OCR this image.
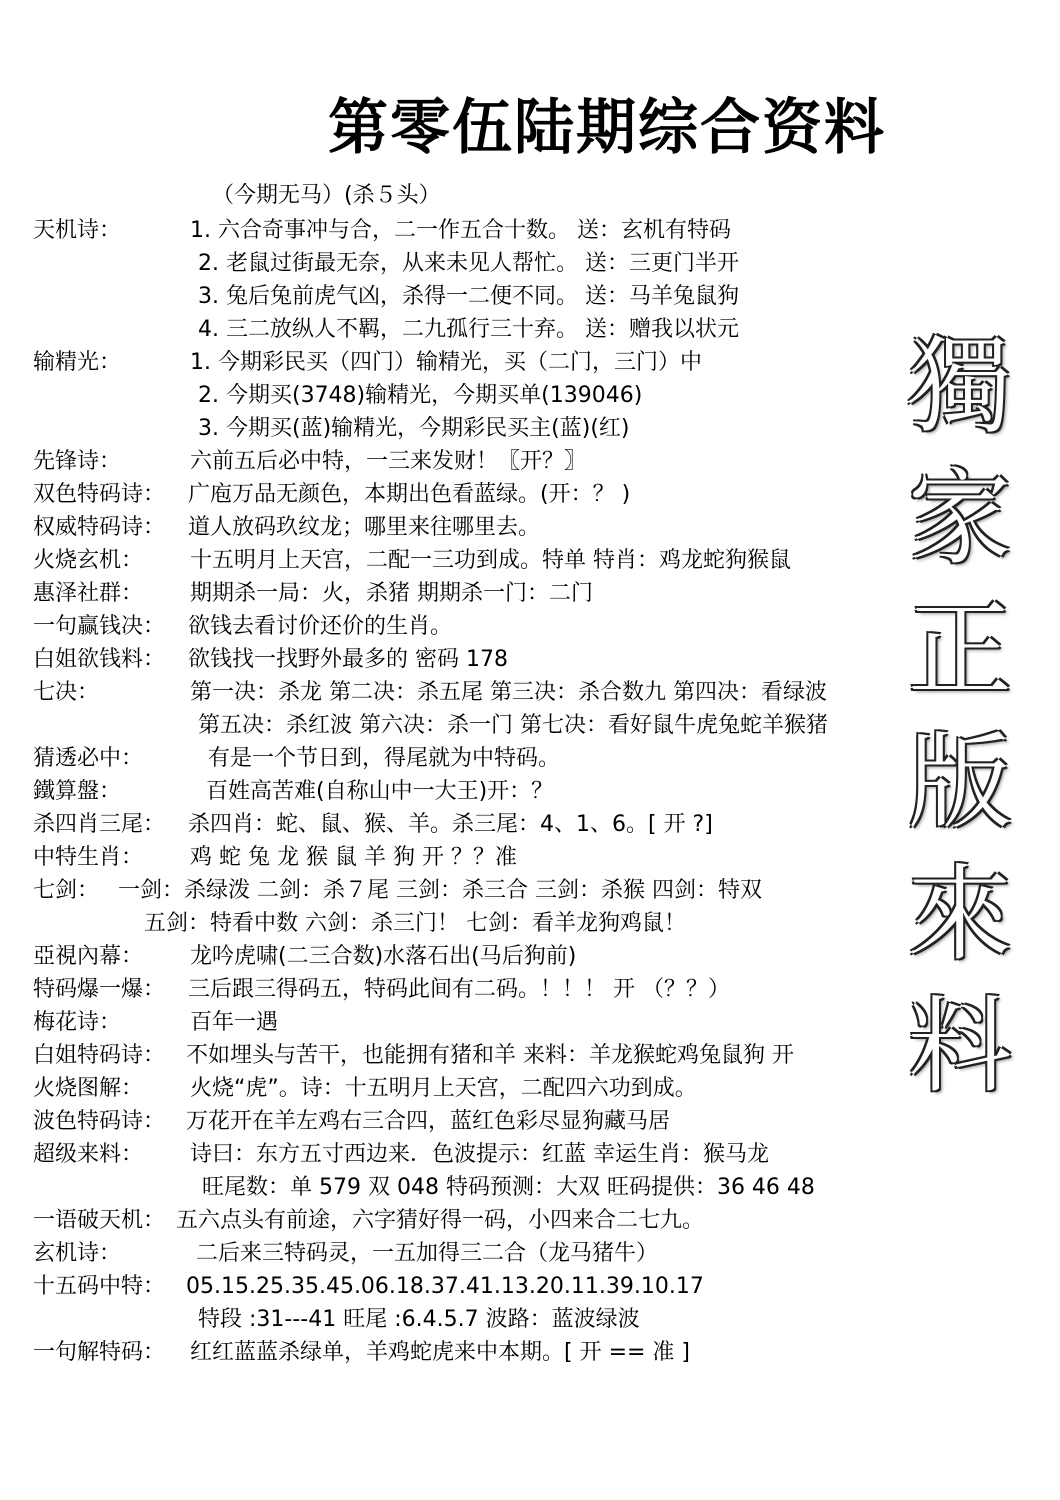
第零伍陆期综合资料
（今期无马）(杀５头）
天机诗：	1. 六合奇事冲与合，二一作五合十数。 送：玄机有特码
2. 老鼠过街最无奈，从来未见人帮忙。 送：三更门半开
3. 兔后兔前虎气凶，杀得一二便不同。 送：马羊兔鼠狗
4. 三二放纵人不羁，二九孤行三十弃。 送：赠我以状元
输精光：	1. 今期彩民买（四门）输精光，买（二门，三门）中
2. 今期买(3748)输精光，今期买单(139046)
3. 今期买(蓝)输精光，今期彩民买主(蓝)(红)
先锋诗：	六前五后必中特，一三来发财！〖开？〗
双色特码诗： 广庖万品无颜色，本期出色看蓝绿。(开：？ )
权威特码诗： 道人放码玖纹龙；哪里来往哪里去。
火烧玄机： 十五明月上天宫，二配一三功到成。特单 特肖：鸡龙蛇狗猴鼠
惠泽社群： 期期杀一局：火，杀猪 期期杀一门：二门
一句赢钱决： 欲钱去看讨价还价的生肖。
白姐欲钱料： 欲钱找一找野外最多的 密码 178
七决：	第一决：杀龙 第二决：杀五尾 第三决：杀合数九 第四决：看绿波
第五决：杀红波 第六决：杀一门 第七决：看好鼠牛虎兔蛇羊猴猪
猜透必中：	有是一个节日到，得尾就为中特码。
鐵算盤：	百姓高苦难(自称山中一大王)开：？
杀四肖三尾： 杀四肖：蛇、鼠、猴、羊。杀三尾：4、1、6。[ 开 ?]
中特生肖： 鸡 蛇 兔 龙 猴 鼠 羊 狗 开 ？？准
七剑： 一剑：杀绿泼 二剑：杀７尾 三剑：杀三合 三剑：杀猴 四剑：特双
五剑：特看中数 六剑：杀三门！ 七剑：看羊龙狗鸡鼠！
亞視內幕： 龙吟虎啸(二三合数)水落石出(马后狗前)
特码爆一爆： 三后跟三得码五，特码此间有二码。！！！ 开 （？？）
梅花诗：	百年一遇
白姐特码诗： 不如埋头与苦干，也能拥有猪和羊 来料：羊龙猴蛇鸡兔鼠狗 开
火烧图解： 火烧“虎”。诗：十五明月上天宫，二配四六功到成。
波色特码诗： 万花开在羊左鸡右三合四，蓝红色彩尽显狗藏马居
超级来料： 诗曰：东方五寸西边来．色波提示：红蓝 幸运生肖：猴马龙
旺尾数：单 579 双 048 特码预测：大双 旺码提供：36 46 48
一语破天机： 五六点头有前途，六字猜好得一码，小四来合二七九。
玄机诗：	二后来三特码灵，一五加得三二合（龙马猪牛）
十五码中特： 05.15.25.35.45.06.18.37.41.13.20.11.39.10.17
特段 :31---41 旺尾 :6.4.5.7 波路：蓝波绿波
一句解特码： 红红蓝蓝杀绿单，羊鸡蛇虎来中本期。[ 开 == 准 ]
獨
家
正
版
來
料
